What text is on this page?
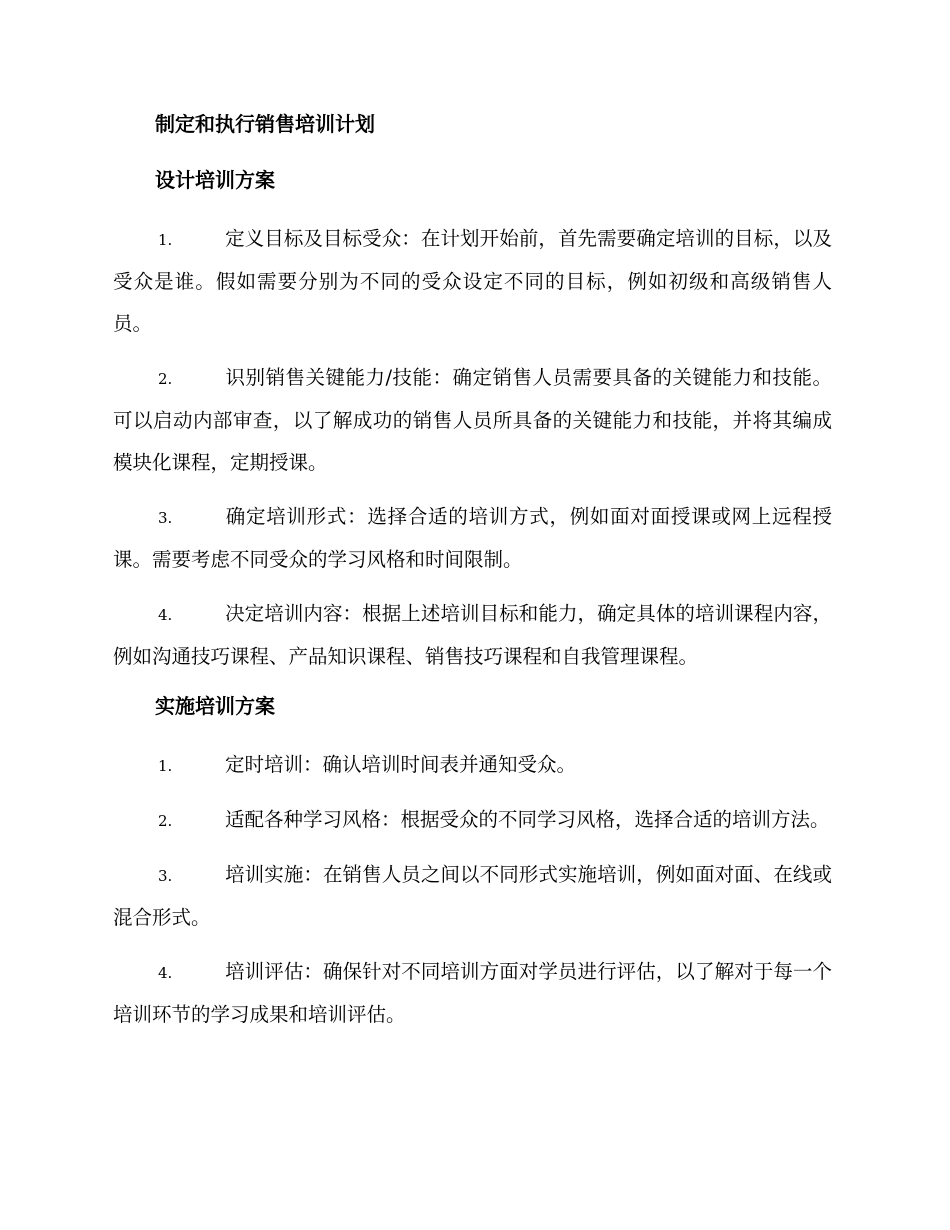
制定和执行销售培训计划
设计培训方案

1.	定义目标及目标受众：在计划开始前，首先需要确定培训的目标，以及受众是谁。假如需要分别为不同的受众设定不同的目标，例如初级和高级销售人员。

2.	识别销售关键能力/技能：确定销售人员需要具备的关键能力和技能。可以启动内部审查，以了解成功的销售人员所具备的关键能力和技能，并将其编成模块化课程，定期授课。

3.	确定培训形式：选择合适的培训方式，例如面对面授课或网上远程授课。需要考虑不同受众的学习风格和时间限制。

4.	决定培训内容：根据上述培训目标和能力，确定具体的培训课程内容，例如沟通技巧课程、产品知识课程、销售技巧课程和自我管理课程。

实施培训方案

1.	定时培训：确认培训时间表并通知受众。

2.	适配各种学习风格：根据受众的不同学习风格，选择合适的培训方法。

3.	培训实施：在销售人员之间以不同形式实施培训，例如面对面、在线或混合形式。

4.	培训评估：确保针对不同培训方面对学员进行评估，以了解对于每一个培训环节的学习成果和培训评估。
